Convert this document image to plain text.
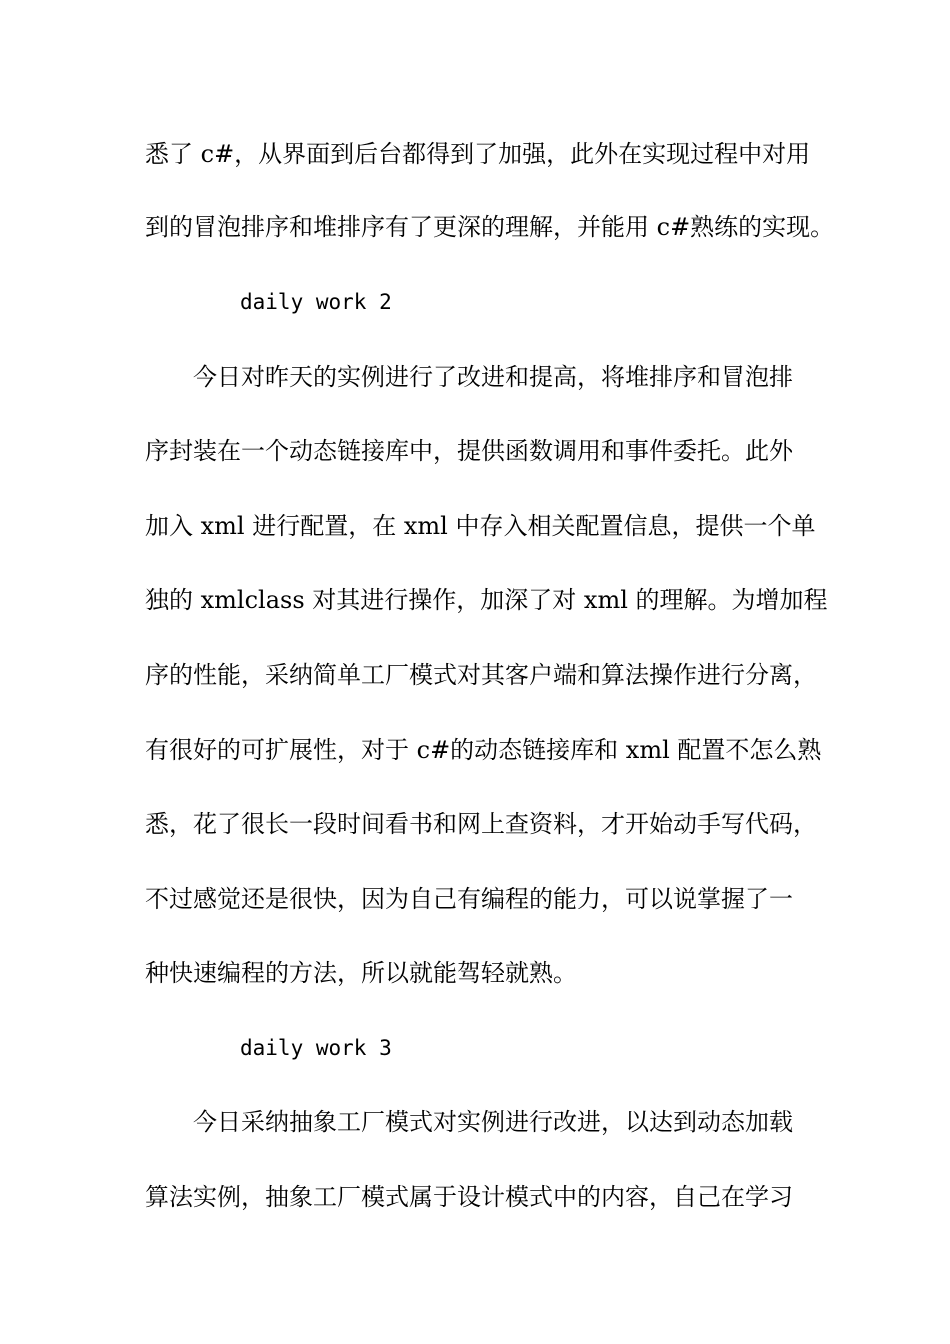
悉了 c#，从界面到后台都得到了加强，此外在实现过程中对用
到的冒泡排序和堆排序有了更深的理解，并能用 c#熟练的实现。
daily work 2
今日对昨天的实例进行了改进和提高，将堆排序和冒泡排
序封装在一个动态链接库中，提供函数调用和事件委托。此外
加入 xml 进行配置，在 xml 中存入相关配置信息，提供一个单
独的 xmlclass 对其进行操作，加深了对 xml 的理解。为增加程
序的性能，采纳简单工厂模式对其客户端和算法操作进行分离，
有很好的可扩展性，对于 c#的动态链接库和 xml 配置不怎么熟
悉，花了很长一段时间看书和网上查资料，才开始动手写代码，
不过感觉还是很快，因为自己有编程的能力，可以说掌握了一
种快速编程的方法，所以就能驾轻就熟。
daily work 3
今日采纳抽象工厂模式对实例进行改进，以达到动态加载
算法实例，抽象工厂模式属于设计模式中的内容，自己在学习
